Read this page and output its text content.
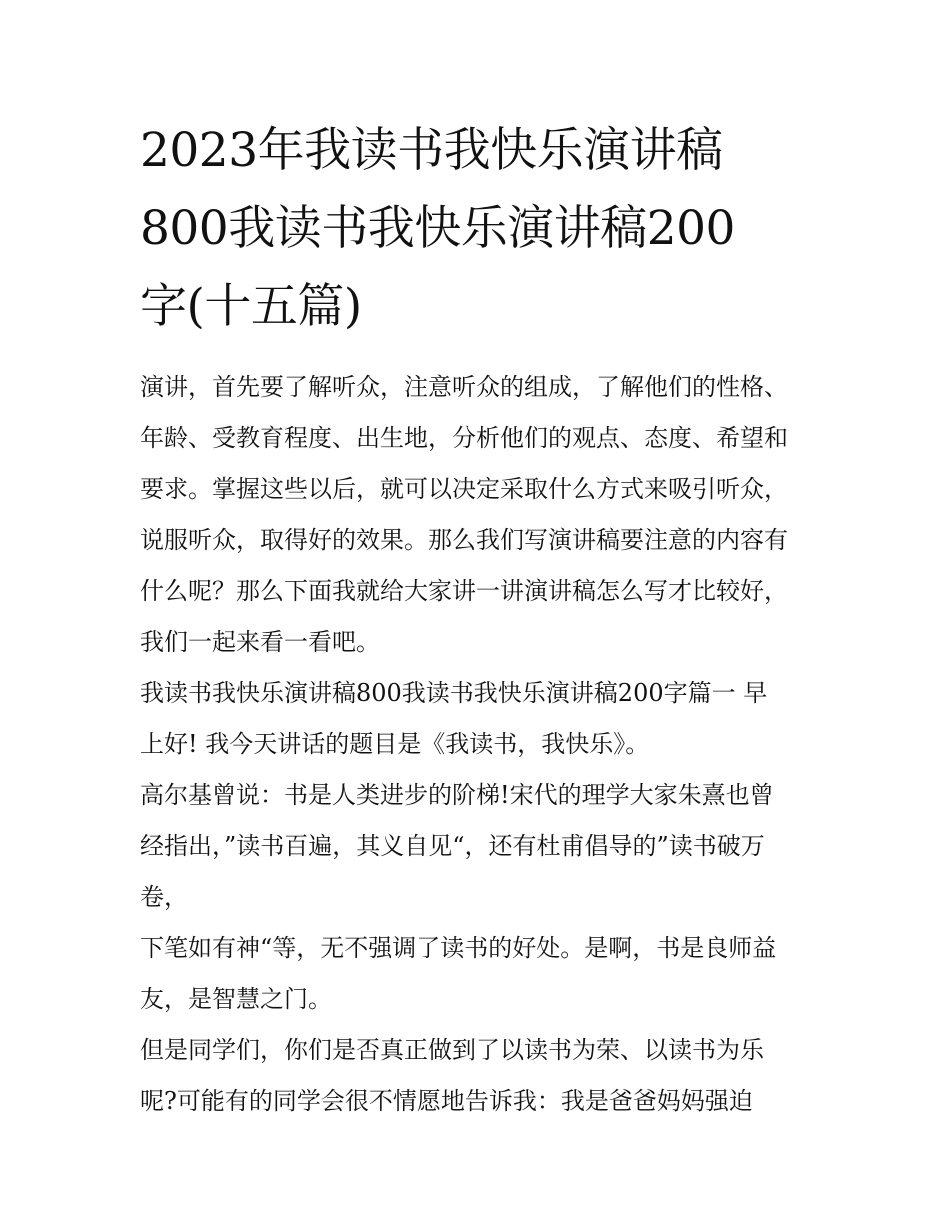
2023年我读书我快乐演讲稿
800我读书我快乐演讲稿200
字(十五篇)
演讲，首先要了解听众，注意听众的组成，了解他们的性格、
年龄、受教育程度、出生地，分析他们的观点、态度、希望和
要求。掌握这些以后，就可以决定采取什么方式来吸引听众，
说服听众，取得好的效果。那么我们写演讲稿要注意的内容有
什么呢？那么下面我就给大家讲一讲演讲稿怎么写才比较好，
我们一起来看一看吧。
我读书我快乐演讲稿800我读书我快乐演讲稿200字篇一 早
上好! 我今天讲话的题目是《我读书，我快乐》。
高尔基曾说：书是人类进步的阶梯!宋代的理学大家朱熹也曾
经指出，”读书百遍，其义自见“，还有杜甫倡导的”读书破万
卷，
下笔如有神“等，无不强调了读书的好处。是啊，书是良师益
友，是智慧之门。
但是同学们，你们是否真正做到了以读书为荣、以读书为乐
呢?可能有的同学会很不情愿地告诉我：我是爸爸妈妈强迫
